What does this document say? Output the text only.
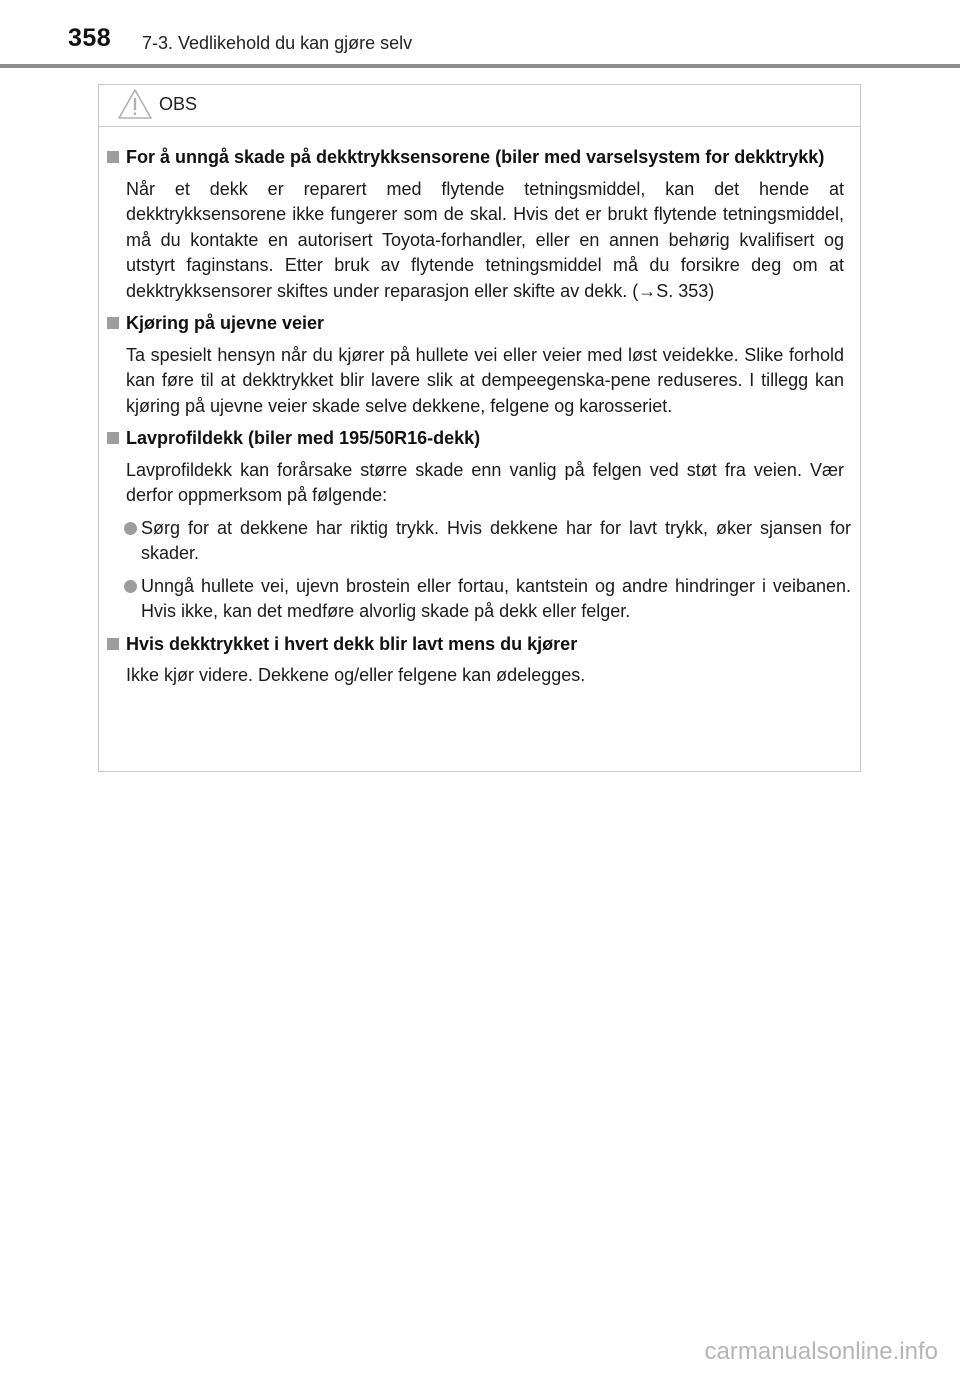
358 7-3. Vedlikehold du kan gjøre selv
OBS
For å unngå skade på dekktrykksensorene (biler med varselsystem for dekktrykk)
Når et dekk er reparert med flytende tetningsmiddel, kan det hende at dekktrykksensorene ikke fungerer som de skal. Hvis det er brukt flytende tetningsmiddel, må du kontakte en autorisert Toyota-forhandler, eller en annen behørig kvalifisert og utstyrt faginstans. Etter bruk av flytende tetningsmiddel må du forsikre deg om at dekktrykksensorer skiftes under reparasjon eller skifte av dekk. (→S. 353)
Kjøring på ujevne veier
Ta spesielt hensyn når du kjører på hullete vei eller veier med løst veidekke. Slike forhold kan føre til at dekktrykket blir lavere slik at dempeegenska-pene reduseres. I tillegg kan kjøring på ujevne veier skade selve dekkene, felgene og karosseriet.
Lavprofildekk (biler med 195/50R16-dekk)
Lavprofildekk kan forårsake større skade enn vanlig på felgen ved støt fra veien. Vær derfor oppmerksom på følgende:
Sørg for at dekkene har riktig trykk. Hvis dekkene har for lavt trykk, øker sjansen for skader.
Unngå hullete vei, ujevn brostein eller fortau, kantstein og andre hindringer i veibanen. Hvis ikke, kan det medføre alvorlig skade på dekk eller felger.
Hvis dekktrykket i hvert dekk blir lavt mens du kjører
Ikke kjør videre. Dekkene og/eller felgene kan ødelegges.
carmanualsonline.info
